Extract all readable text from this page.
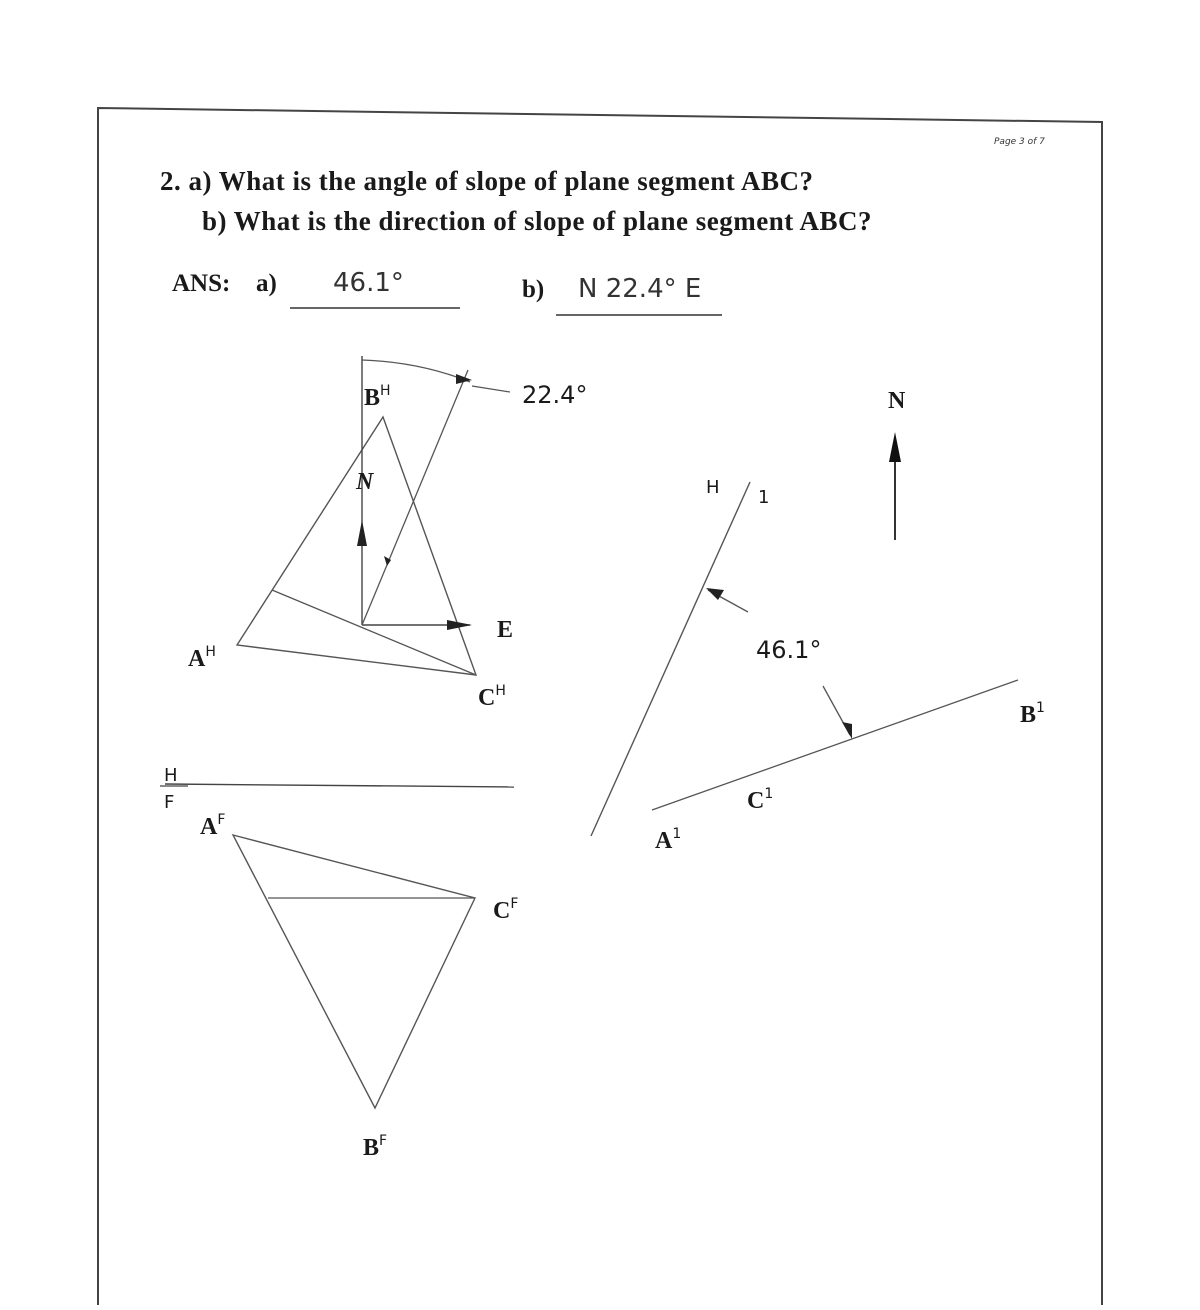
N
N
E
22.4°
46.1°
H
F
H 1
$A^H$
$B^H$
$C^H$
$A^F$
$C^F$
$B^F$
$A^1$
$C^1$
$B^1$
Page 3 of 7
2. a) What is the angle of slope of plane segment ABC?
b) What is the direction of slope of plane segment ABC?
ANS: a) 46.1°	b) N 22.4° E
